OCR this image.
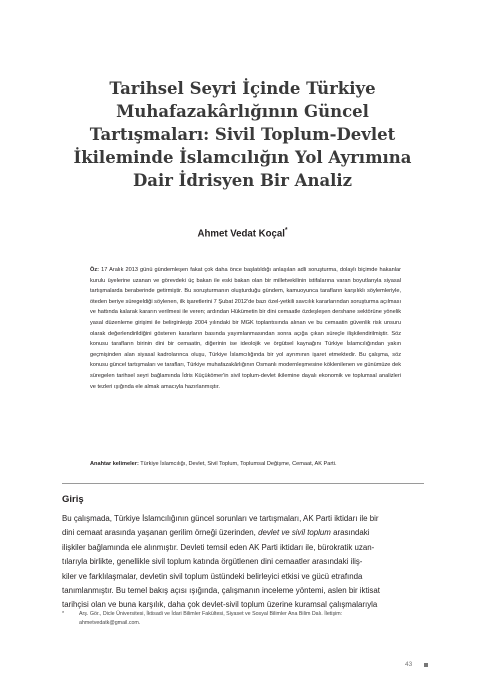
Tarihsel Seyri İçinde Türkiye
Muhafazakârlığının Güncel
Tartışmaları: Sivil Toplum-Devlet
İkileminde İslamcılığın Yol Ayrımına
Dair İdrisyen Bir Analiz
Ahmet Vedat Koçal*
Öz: 17 Aralık 2013 günü gündemleşen fakat çok daha önce başlatıldığı anlaşılan adli soruşturma, dolaylı biçimde hakanlar kurulu üyelerine uzanan ve görevdeki üç bakan ile eski bakan olan bir milletvekilinin istifalarına varan boyutlarıyla siyasal tartışmalarda beraberinde getirmiştir. Bu soruşturmanın oluşturduğu gündem, kamuoyunca tarafların karşılıklı söylemleriyle, öteden beriye süregeldiği söylenen, ilk işaretlerini 7 Şubat 2012'de bazı özel-yetkili savcılık kararlarından soruşturma açılması ve hattında kalarak kararın verilmesi ile veren; ardından Hükümetin bir dini cemaatle özdeşleşen dershane sektörüne yönelik yasal düzenleme girişimi ile belirginleşip 2004 yılındaki bir MGK toplantısında alınan ve bu cemaatin güvenlik risk unsuru olarak değerlendirildiğini gösteren kararların basında yayımlanmasından sonra açığa çıkan süreçle ilişkilendirilmiştir. Söz konusu tarafların birinin dini bir cemaatin, diğerinin ise ideolojik ve örgütsel kaynağını Türkiye İslamcılığından yakın geçmişinden alan siyasal kadrolarınca oluşu, Türkiye İslamcılığında bir yol ayrımının işaret etmektedir. Bu çalışma, söz konusu güncel tartışmaları ve tarafları, Türkiye muhafazakârlığının Osmanlı modernleşmesine köklenilenen ve günümüze dek süregelen tarihsel seyri bağlamında İdris Küçükömer'in sivil toplum-devlet ikilemine dayalı ekonomik ve toplumsal analizleri ve tezleri ışığında ele almak amacıyla hazırlanmıştır.
Anahtar kelimeler: Türkiye İslamcılığı, Devlet, Sivil Toplum, Toplumsal Değişme, Cemaat, AK Parti.
Giriş
Bu çalışmada, Türkiye İslamcılığının güncel sorunları ve tartışmaları, AK Parti iktidarı ile bir
dini cemaat arasında yaşanan gerilim örneği üzerinden, devlet ve sivil toplum arasındaki
ilişkiler bağlamında ele alınmıştır. Devleti temsil eden AK Parti iktidarı ile, bürokratik uzan-
tılarıyla birlikte, genellikle sivil toplum katında örgütlenen dini cemaatler arasındaki iliş-
kiler ve farklılaşmalar, devletin sivil toplum üstündeki belirleyici etkisi ve gücü etrafında
tanımlanmıştır. Bu temel bakış açısı ışığında, çalışmanın inceleme yöntemi, aslen bir iktisat
tarihçisi olan ve buna karşılık, daha çok devlet-sivil toplum üzerine kuramsal çalışmalarıyla
*	Arş. Gör., Dicle Üniversitesi, İktisadi ve İdari Bilimler Fakültesi, Siyaset ve Sosyal Bilimler Ana Bilim Dalı. İletişim: ahmetvedatk@gmail.com.
43
